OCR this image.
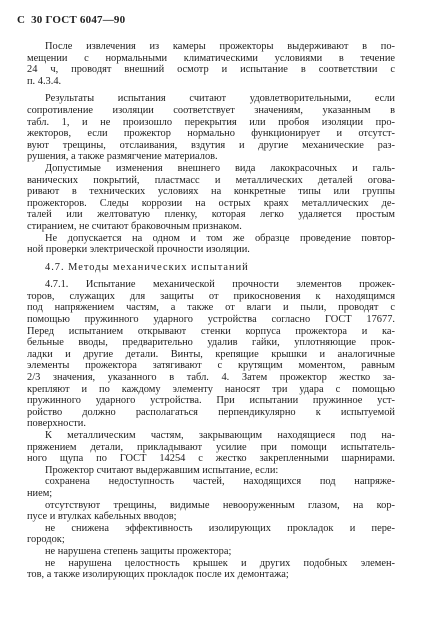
С 30 ГОСТ 6047—90
После извлечения из камеры прожекторы выдерживают в по-
мещении с нормальными климатическими условиями в течение
24 ч, проводят внешний осмотр и испытание в соответствии с
п. 4.3.4.
Результаты испытания считают удовлетворительными, если
сопротивление изоляции соответствует значениям, указанным в
табл. 1, и не произошло перекрытия или пробоя изоляции про-
жекторов, если прожектор нормально функционирует и отсутст-
вуют трещины, отслаивания, вздутия и другие механические раз-
рушения, а также размягчение материалов.
Допустимые изменения внешнего вида лакокрасочных и галь-
ванических покрытий, пластмасс и металлических деталей огова-
ривают в технических условиях на конкретные типы или группы
прожекторов. Следы коррозии на острых краях металлических де-
талей или желтоватую пленку, которая легко удаляется простым
стиранием, не считают браковочным признаком.
Не допускается на одном и том же образце проведение повтор-
ной проверки электрической прочности изоляции.
4.7. Методы механических испытаний
4.7.1. Испытание механической прочности элементов прожек-
торов, служащих для защиты от прикосновения к находящимся
под напряжением частям, а также от влаги и пыли, проводят с
помощью пружинного ударного устройства согласно ГОСТ 17677.
Перед испытанием открывают стенки корпуса прожектора и ка-
бельные вводы, предварительно удалив гайки, уплотняющие прок-
ладки и другие детали. Винты, крепящие крышки и аналогичные
элементы прожектора затягивают с крутящим моментом, равным
2/3 значения, указанного в табл. 4. Затем прожектор жестко за-
крепляют и по каждому элементу наносят три удара с помощью
пружинного ударного устройства. При испытании пружинное уст-
ройство должно располагаться перпендикулярно к испытуемой
поверхности.
К металлическим частям, закрывающим находящиеся под на-
пряжением детали, прикладывают усилие при помощи испытатель-
ного щупа по ГОСТ 14254 с жестко закрепленными шарнирами.
Прожектор считают выдержавшим испытание, если:
сохранена недоступность частей, находящихся под напряже-
нием;
отсутствуют трещины, видимые невооруженным глазом, на кор-
пусе и втулках кабельных вводов;
не снижена эффективность изолирующих прокладок и пере-
городок;
не нарушена степень защиты прожектора;
не нарушена целостность крышек и других подобных элемен-
тов, а также изолирующих прокладок после их демонтажа;
